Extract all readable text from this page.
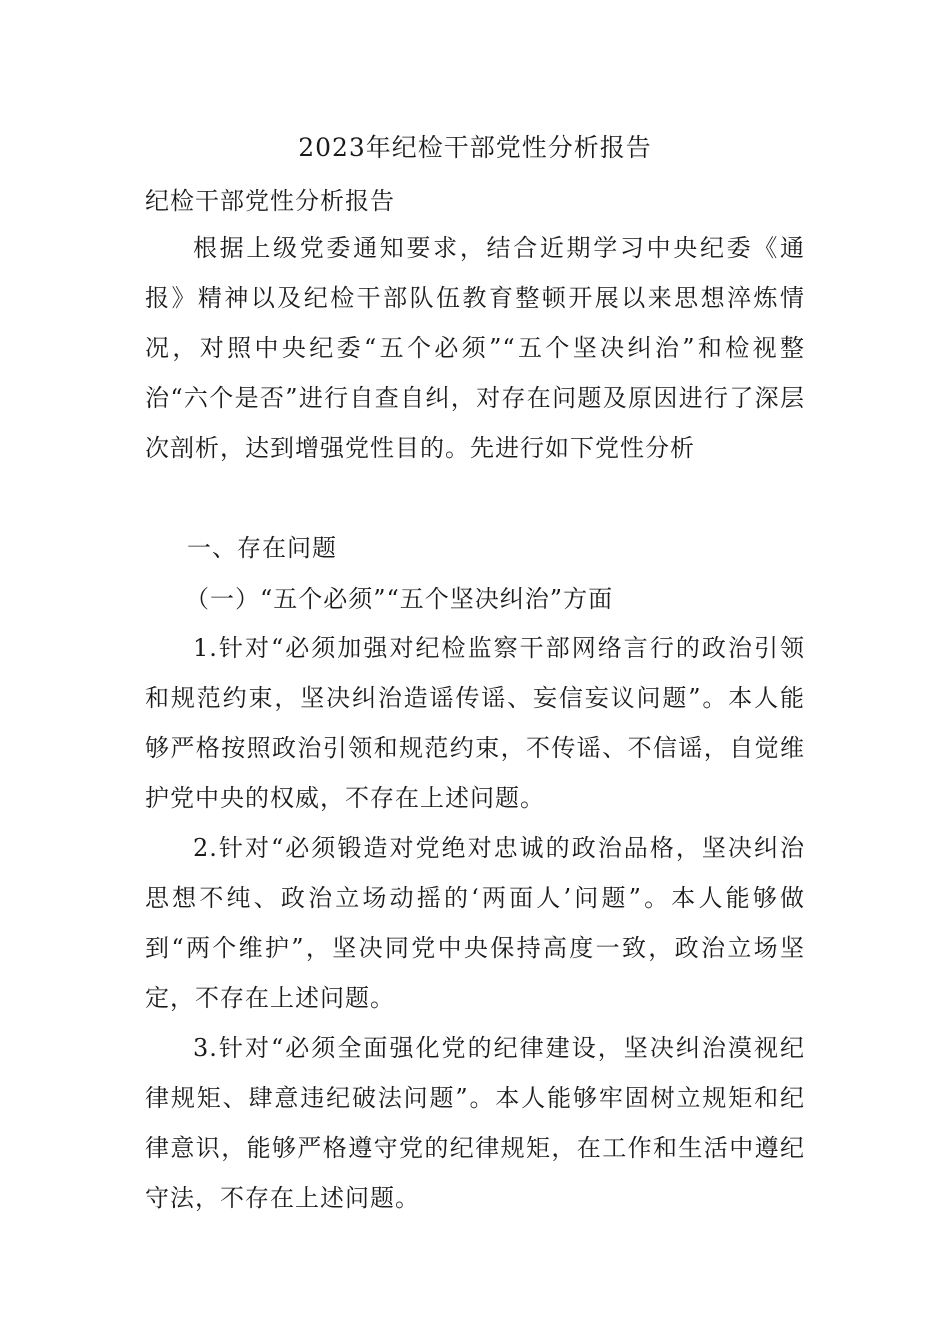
2023年纪检干部党性分析报告
纪检干部党性分析报告
根据上级党委通知要求，结合近期学习中央纪委《通报》精神以及纪检干部队伍教育整顿开展以来思想淬炼情况，对照中央纪委“五个必须”“五个坚决纠治”和检视整治“六个是否”进行自查自纠，对存在问题及原因进行了深层次剖析，达到增强党性目的。先进行如下党性分析
一、存在问题
（一）“五个必须”“五个坚决纠治”方面
1.针对“必须加强对纪检监察干部网络言行的政治引领和规范约束，坚决纠治造谣传谣、妄信妄议问题”。本人能够严格按照政治引领和规范约束，不传谣、不信谣，自觉维护党中央的权威，不存在上述问题。
2.针对“必须锻造对党绝对忠诚的政治品格，坚决纠治思想不纯、政治立场动摇的‘两面人’问题”。本人能够做到“两个维护”，坚决同党中央保持高度一致，政治立场坚定，不存在上述问题。
3.针对“必须全面强化党的纪律建设，坚决纠治漠视纪律规矩、肆意违纪破法问题”。本人能够牢固树立规矩和纪律意识，能够严格遵守党的纪律规矩，在工作和生活中遵纪守法，不存在上述问题。
